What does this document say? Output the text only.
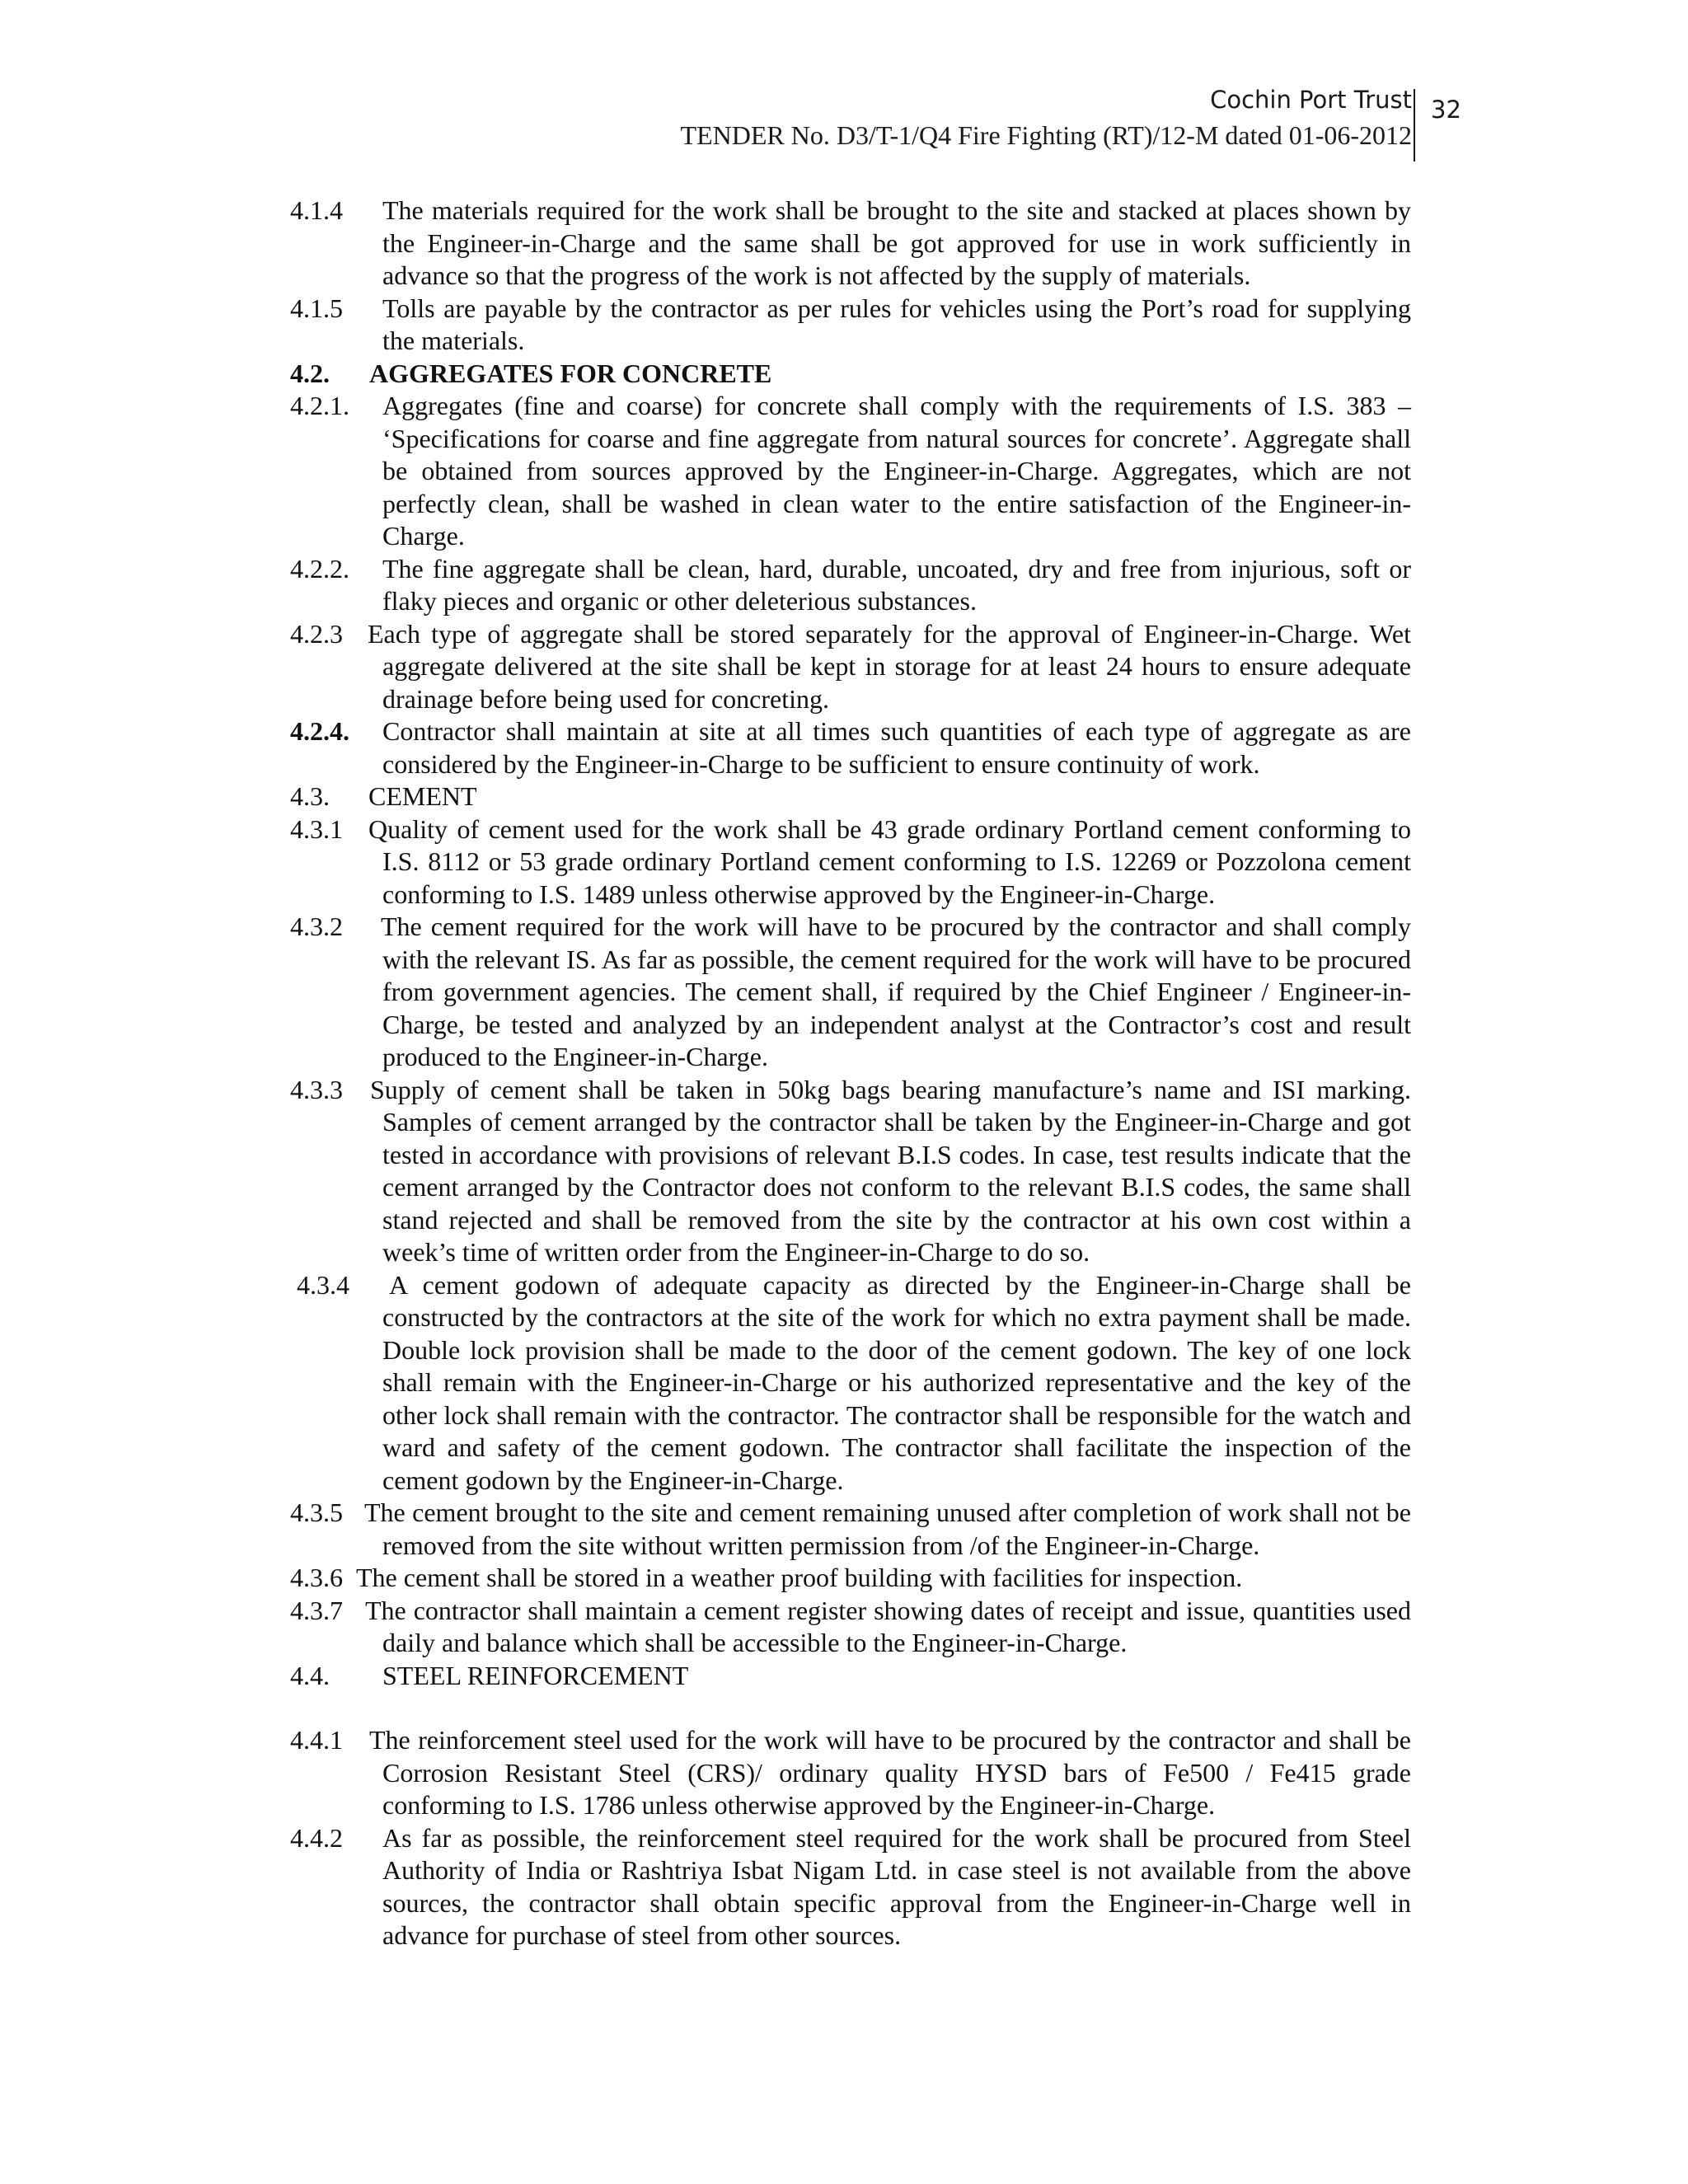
Cochin Port Trust
TENDER No. D3/T-1/Q4 Fire Fighting (RT)/12-M dated 01-06-2012
32
4.1.4 The materials required for the work shall be brought to the site and stacked at places shown by the Engineer-in-Charge and the same shall be got approved for use in work sufficiently in advance so that the progress of the work is not affected by the supply of materials.
4.1.5 Tolls are payable by the contractor as per rules for vehicles using the Port’s road for supplying the materials.
4.2. AGGREGATES FOR CONCRETE
4.2.1. Aggregates (fine and coarse) for concrete shall comply with the requirements of I.S. 383 – ‘Specifications for coarse and fine aggregate from natural sources for concrete’. Aggregate shall be obtained from sources approved by the Engineer-in-Charge. Aggregates, which are not perfectly clean, shall be washed in clean water to the entire satisfaction of the Engineer-in-Charge.
4.2.2. The fine aggregate shall be clean, hard, durable, uncoated, dry and free from injurious, soft or flaky pieces and organic or other deleterious substances.
4.2.3 Each type of aggregate shall be stored separately for the approval of Engineer-in-Charge. Wet aggregate delivered at the site shall be kept in storage for at least 24 hours to ensure adequate drainage before being used for concreting.
4.2.4. Contractor shall maintain at site at all times such quantities of each type of aggregate as are considered by the Engineer-in-Charge to be sufficient to ensure continuity of work.
4.3. CEMENT
4.3.1 Quality of cement used for the work shall be 43 grade ordinary Portland cement conforming to I.S. 8112 or 53 grade ordinary Portland cement conforming to I.S. 12269 or Pozzolona cement conforming to I.S. 1489 unless otherwise approved by the Engineer-in-Charge.
4.3.2 The cement required for the work will have to be procured by the contractor and shall comply with the relevant IS. As far as possible, the cement required for the work will have to be procured from government agencies. The cement shall, if required by the Chief Engineer / Engineer-in-Charge, be tested and analyzed by an independent analyst at the Contractor’s cost and result produced to the Engineer-in-Charge.
4.3.3 Supply of cement shall be taken in 50kg bags bearing manufacture’s name and ISI marking. Samples of cement arranged by the contractor shall be taken by the Engineer-in-Charge and got tested in accordance with provisions of relevant B.I.S codes. In case, test results indicate that the cement arranged by the Contractor does not conform to the relevant B.I.S codes, the same shall stand rejected and shall be removed from the site by the contractor at his own cost within a week’s time of written order from the Engineer-in-Charge to do so.
4.3.4 A cement godown of adequate capacity as directed by the Engineer-in-Charge shall be constructed by the contractors at the site of the work for which no extra payment shall be made. Double lock provision shall be made to the door of the cement godown. The key of one lock shall remain with the Engineer-in-Charge or his authorized representative and the key of the other lock shall remain with the contractor. The contractor shall be responsible for the watch and ward and safety of the cement godown. The contractor shall facilitate the inspection of the cement godown by the Engineer-in-Charge.
4.3.5 The cement brought to the site and cement remaining unused after completion of work shall not be removed from the site without written permission from /of the Engineer-in-Charge.
4.3.6 The cement shall be stored in a weather proof building with facilities for inspection.
4.3.7 The contractor shall maintain a cement register showing dates of receipt and issue, quantities used daily and balance which shall be accessible to the Engineer-in-Charge.
4.4. STEEL REINFORCEMENT
4.4.1 The reinforcement steel used for the work will have to be procured by the contractor and shall be Corrosion Resistant Steel (CRS)/ ordinary quality HYSD bars of Fe500 / Fe415 grade conforming to I.S. 1786 unless otherwise approved by the Engineer-in-Charge.
4.4.2 As far as possible, the reinforcement steel required for the work shall be procured from Steel Authority of India or Rashtriya Isbat Nigam Ltd. in case steel is not available from the above sources, the contractor shall obtain specific approval from the Engineer-in-Charge well in advance for purchase of steel from other sources.
